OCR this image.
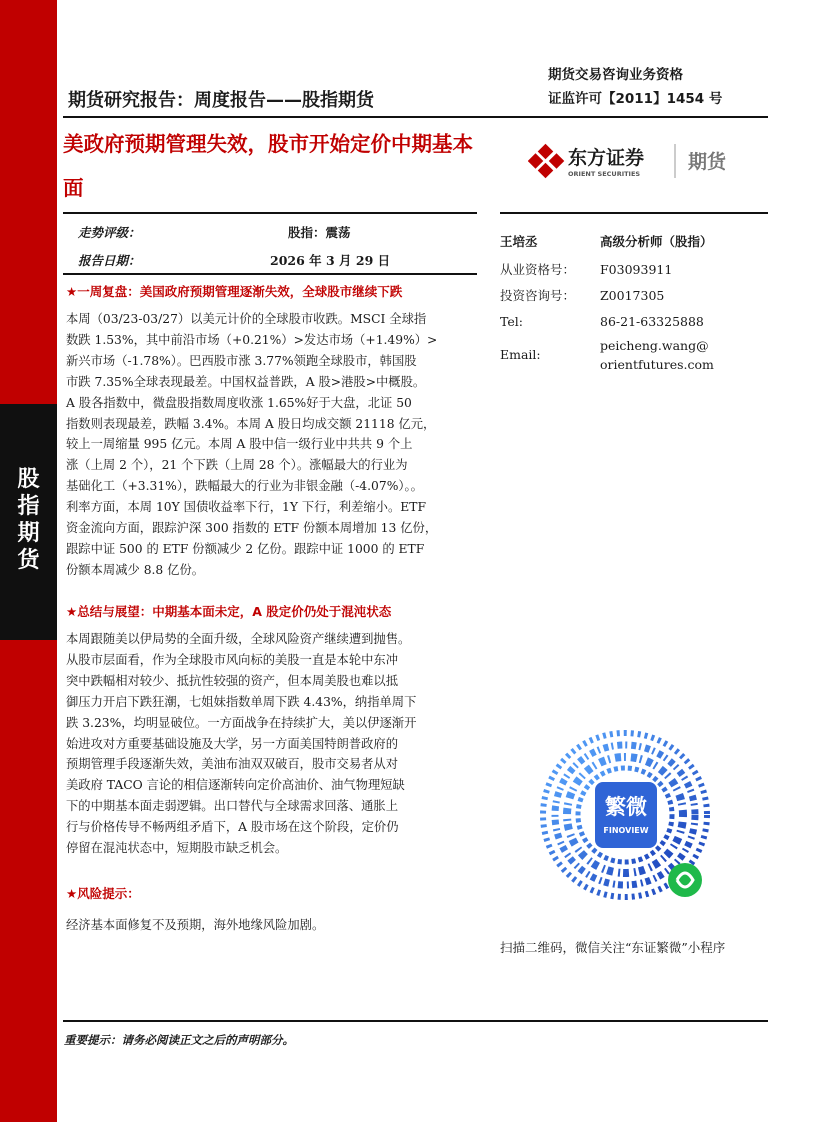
股
指
期
货
期货交易咨询业务资格
证监许可【2011】1454 号
期货研究报告：周度报告——股指期货
美政府预期管理失效，股市开始定价中期基本面
东方证券
ORIENT SECURITIES
期货
走势评级：	股指：震荡
报告日期：	2026 年 3 月 29 日
★一周复盘：美国政府预期管理逐渐失效，全球股市继续下跌
本周（03/23-03/27）以美元计价的全球股市收跌。MSCI 全球指
数跌 1.53%，其中前沿市场（+0.21%）>发达市场（+1.49%）>
新兴市场（-1.78%）。巴西股市涨 3.77%领跑全球股市，韩国股
市跌 7.35%全球表现最差。中国权益普跌，A 股>港股>中概股。
A 股各指数中，微盘股指数周度收涨 1.65%好于大盘，北证 50
指数则表现最差，跌幅 3.4%。本周 A 股日均成交额 21118 亿元，
较上一周缩量 995 亿元。本周 A 股中信一级行业中共共 9 个上
涨（上周 2 个），21 个下跌（上周 28 个）。涨幅最大的行业为
基础化工（+3.31%），跌幅最大的行业为非银金融（-4.07%）。。
利率方面，本周 10Y 国债收益率下行，1Y 下行，利差缩小。ETF
资金流向方面，跟踪沪深 300 指数的 ETF 份额本周增加 13 亿份，
跟踪中证 500 的 ETF 份额减少 2 亿份。跟踪中证 1000 的 ETF
份额本周减少 8.8 亿份。
★总结与展望：中期基本面未定，A 股定价仍处于混沌状态
本周跟随美以伊局势的全面升级，全球风险资产继续遭到抛售。
从股市层面看，作为全球股市风向标的美股一直是本轮中东冲
突中跌幅相对较少、抵抗性较强的资产，但本周美股也难以抵
御压力开启下跌狂潮，七姐妹指数单周下跌 4.43%，纳指单周下
跌 3.23%，均明显破位。一方面战争在持续扩大，美以伊逐渐开
始进攻对方重要基础设施及大学，另一方面美国特朗普政府的
预期管理手段逐渐失效，美油布油双双破百，股市交易者从对
美政府 TACO 言论的相信逐渐转向定价高油价、油气物理短缺
下的中期基本面走弱逻辑。出口替代与全球需求回落、通胀上
行与价格传导不畅两组矛盾下，A 股市场在这个阶段，定价仍
停留在混沌状态中，短期股市缺乏机会。
★风险提示：
经济基本面修复不及预期，海外地缘风险加剧。
王培丞	高级分析师（股指）
从业资格号： F03093911
投资咨询号： Z0017305
Tel:	86-21-63325888
Email:
peicheng.wang@
orientfutures.com
繁微
FINOVIEW
扫描二维码，微信关注“东证繁微”小程序
重要提示：请务必阅读正文之后的声明部分。
